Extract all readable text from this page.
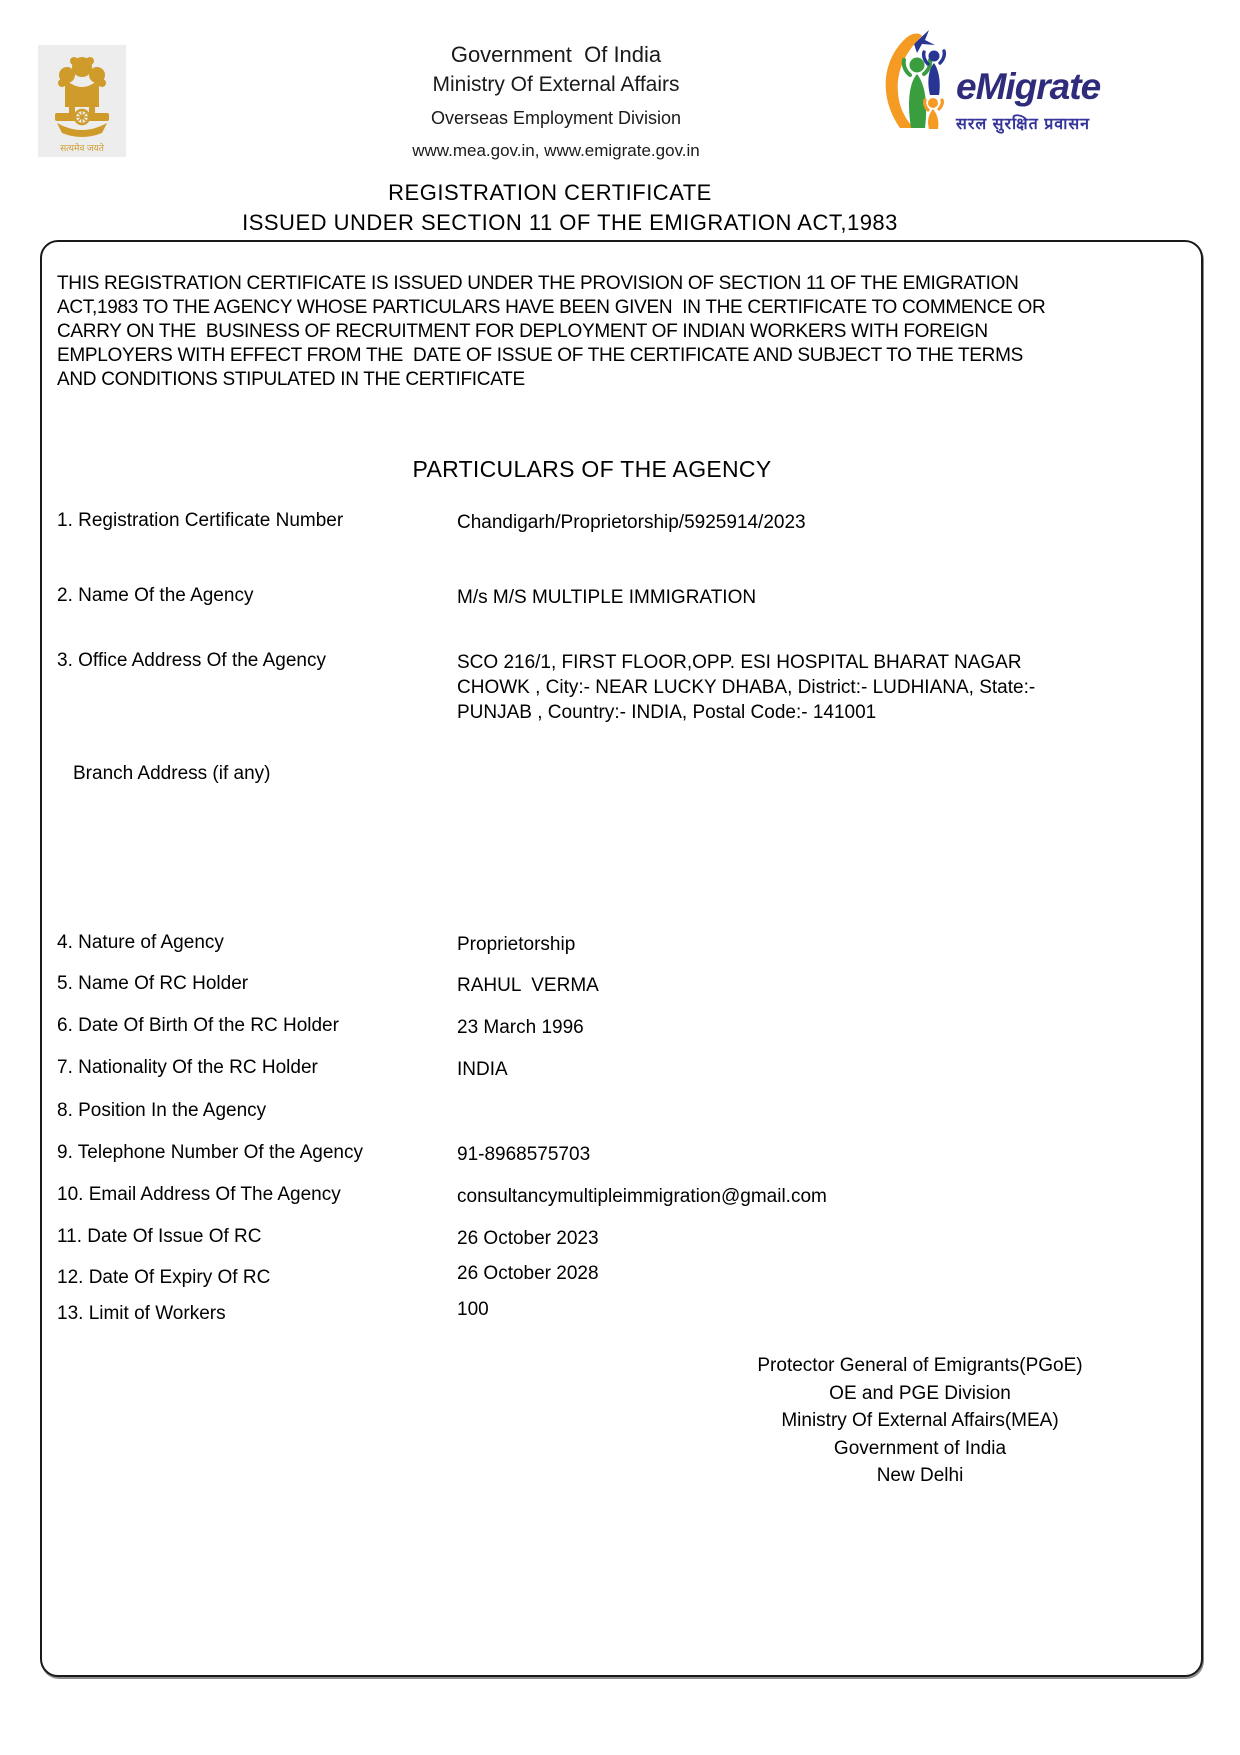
सत्यमेव जयते
Government  Of India
Ministry Of External Affairs
Overseas Employment Division
www.mea.gov.in, www.emigrate.gov.in
eMigrate
सरल सुरक्षित प्रवासन
REGISTRATION CERTIFICATE
ISSUED UNDER SECTION 11 OF THE EMIGRATION ACT,1983
THIS REGISTRATION CERTIFICATE IS ISSUED UNDER THE PROVISION OF SECTION 11 OF THE EMIGRATION ACT,1983 TO THE AGENCY WHOSE PARTICULARS HAVE BEEN GIVEN  IN THE CERTIFICATE TO COMMENCE OR CARRY ON THE  BUSINESS OF RECRUITMENT FOR DEPLOYMENT OF INDIAN WORKERS WITH FOREIGN EMPLOYERS WITH EFFECT FROM THE  DATE OF ISSUE OF THE CERTIFICATE AND SUBJECT TO THE TERMS AND CONDITIONS STIPULATED IN THE CERTIFICATE
PARTICULARS OF THE AGENCY
1. Registration Certificate Number	Chandigarh/Proprietorship/5925914/2023
2. Name Of the Agency	M/s M/S MULTIPLE IMMIGRATION
3. Office Address Of the Agency	SCO 216/1, FIRST FLOOR,OPP. ESI HOSPITAL BHARAT NAGAR CHOWK , City:- NEAR LUCKY DHABA, District:- LUDHIANA, State:- PUNJAB , Country:- INDIA, Postal Code:- 141001
Branch Address (if any)
4. Nature of Agency	Proprietorship
5. Name Of RC Holder	RAHUL  VERMA
6. Date Of Birth Of the RC Holder	23 March 1996
7. Nationality Of the RC Holder	INDIA
8. Position In the Agency
9. Telephone Number Of the Agency	91-8968575703
10. Email Address Of The Agency	consultancymultipleimmigration@gmail.com
11. Date Of Issue Of RC	26 October 2023
12. Date Of Expiry Of RC	26 October 2028
13. Limit of Workers	100
Protector General of Emigrants(PGoE)
OE and PGE Division
Ministry Of External Affairs(MEA)
Government of India
New Delhi
